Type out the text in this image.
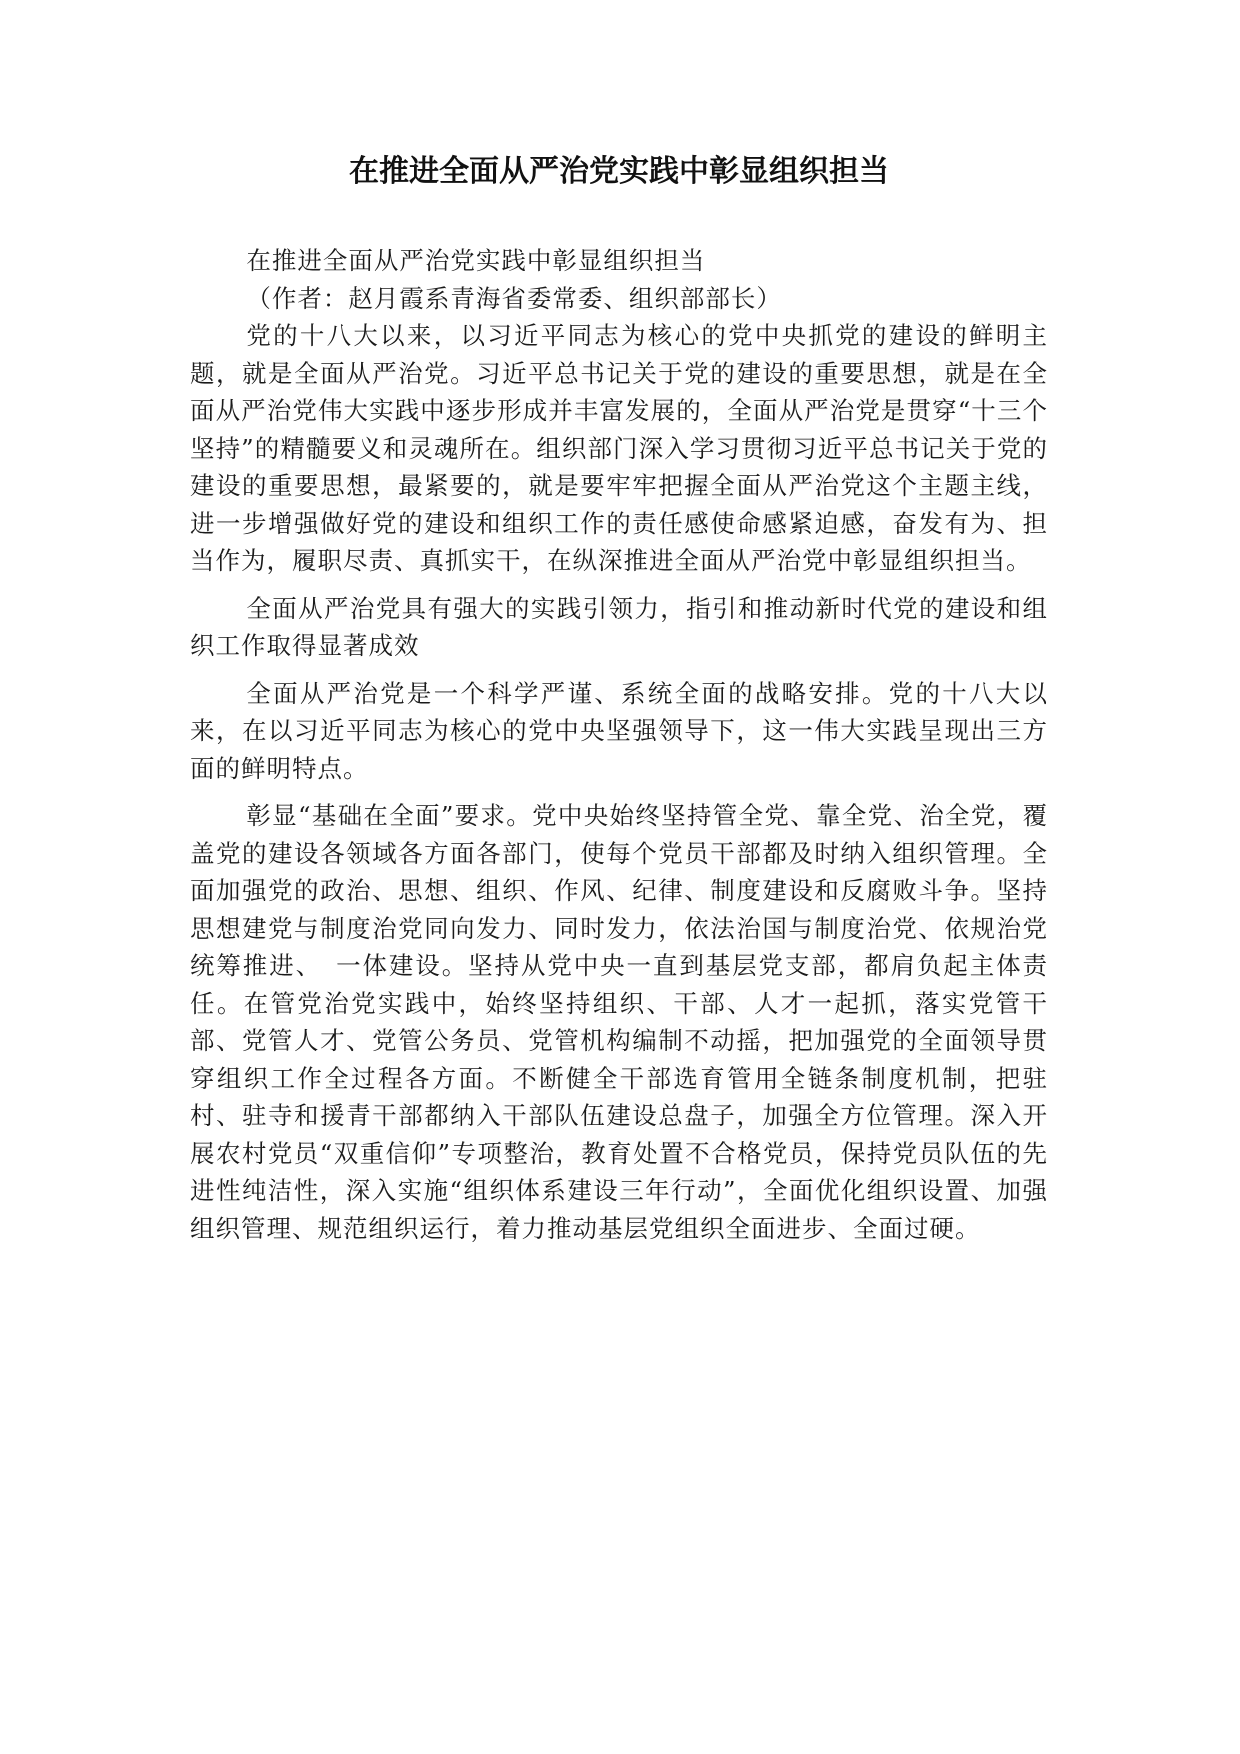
在推进全面从严治党实践中彰显组织担当

在推进全面从严治党实践中彰显组织担当

（作者：赵月霞系青海省委常委、组织部部长）

党的十八大以来，以习近平同志为核心的党中央抓党的建设的鲜明主题，就是全面从严治党。习近平总书记关于党的建设的重要思想，就是在全面从严治党伟大实践中逐步形成并丰富发展的，全面从严治党是贯穿“十三个坚持”的精髓要义和灵魂所在。组织部门深入学习贯彻习近平总书记关于党的建设的重要思想，最紧要的，就是要牢牢把握全面从严治党这个主题主线，进一步增强做好党的建设和组织工作的责任感使命感紧迫感，奋发有为、担当作为，履职尽责、真抓实干，在纵深推进全面从严治党中彰显组织担当。

全面从严治党具有强大的实践引领力，指引和推动新时代党的建设和组织工作取得显著成效

全面从严治党是一个科学严谨、系统全面的战略安排。党的十八大以来，在以习近平同志为核心的党中央坚强领导下，这一伟大实践呈现出三方面的鲜明特点。

彰显“基础在全面”要求。党中央始终坚持管全党、靠全党、治全党，覆盖党的建设各领域各方面各部门，使每个党员干部都及时纳入组织管理。全面加强党的政治、思想、组织、作风、纪律、制度建设和反腐败斗争。坚持思想建党与制度治党同向发力、同时发力，依法治国与制度治党、依规治党统筹推进、　一体建设。坚持从党中央一直到基层党支部，都肩负起主体责任。在管党治党实践中，始终坚持组织、干部、人才一起抓，落实党管干部、党管人才、党管公务员、党管机构编制不动摇，把加强党的全面领导贯穿组织工作全过程各方面。不断健全干部选育管用全链条制度机制，把驻村、驻寺和援青干部都纳入干部队伍建设总盘子，加强全方位管理。深入开展农村党员“双重信仰”专项整治，教育处置不合格党员，保持党员队伍的先进性纯洁性，深入实施“组织体系建设三年行动”，全面优化组织设置、加强组织管理、规范组织运行，着力推动基层党组织全面进步、全面过硬。
